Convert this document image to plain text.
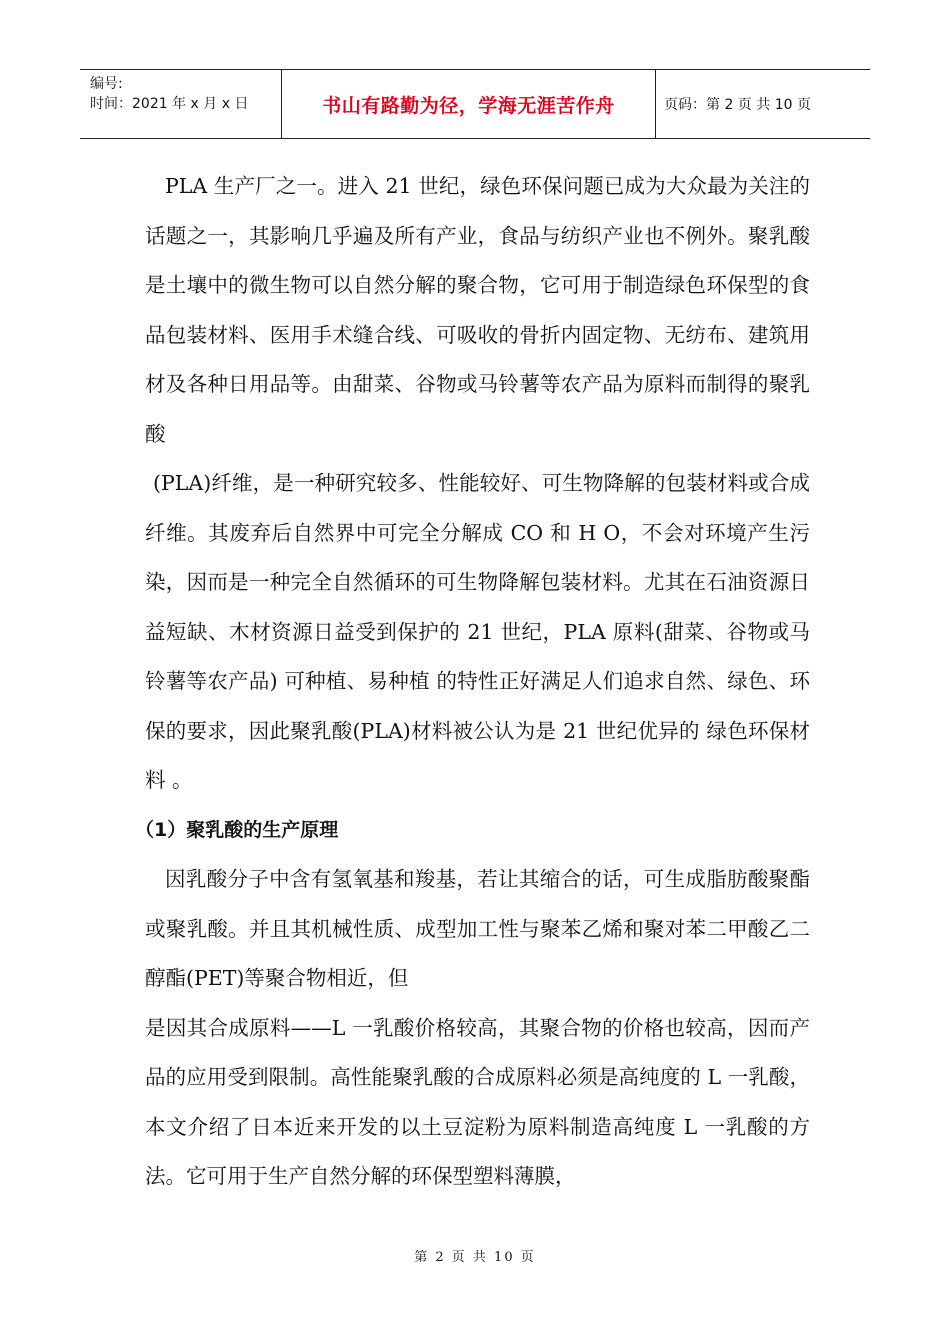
编号:
时间：2021 年 x 月 x 日	书山有路勤为径，学海无涯苦作舟	页码：第 2 页 共 10 页

PLA 生产厂之一。进入 21 世纪，绿色环保问题已成为大众最为关注的话题之一，其影响几乎遍及所有产业，食品与纺织产业也不例外。聚乳酸是土壤中的微生物可以自然分解的聚合物，它可用于制造绿色环保型的食品包装材料、医用手术缝合线、可吸收的骨折内固定物、无纺布、建筑用材及各种日用品等。由甜菜、谷物或马铃薯等农产品为原料而制得的聚乳酸

(PLA)纤维，是一种研究较多、性能较好、可生物降解的包装材料或合成纤维。其废弃后自然界中可完全分解成 CO 和 H O，不会对环境产生污染，因而是一种完全自然循环的可生物降解包装材料。尤其在石油资源日益短缺、木材资源日益受到保护的 21 世纪，PLA 原料(甜菜、谷物或马铃薯等农产品) 可种植、易种植 的特性正好满足人们追求自然、绿色、环保的要求，因此聚乳酸(PLA)材料被公认为是 21 世纪优异的 绿色环保材料 。

（1）聚乳酸的生产原理

因乳酸分子中含有氢氧基和羧基，若让其缩合的话，可生成脂肪酸聚酯或聚乳酸。并且其机械性质、成型加工性与聚苯乙烯和聚对苯二甲酸乙二醇酯(PET)等聚合物相近，但

是因其合成原料——L 一乳酸价格较高，其聚合物的价格也较高，因而产品的应用受到限制。高性能聚乳酸的合成原料必须是高纯度的 L 一乳酸，本文介绍了日本近来开发的以土豆淀粉为原料制造高纯度 L 一乳酸的方法。它可用于生产自然分解的环保型塑料薄膜，

第 2 页 共 10 页
